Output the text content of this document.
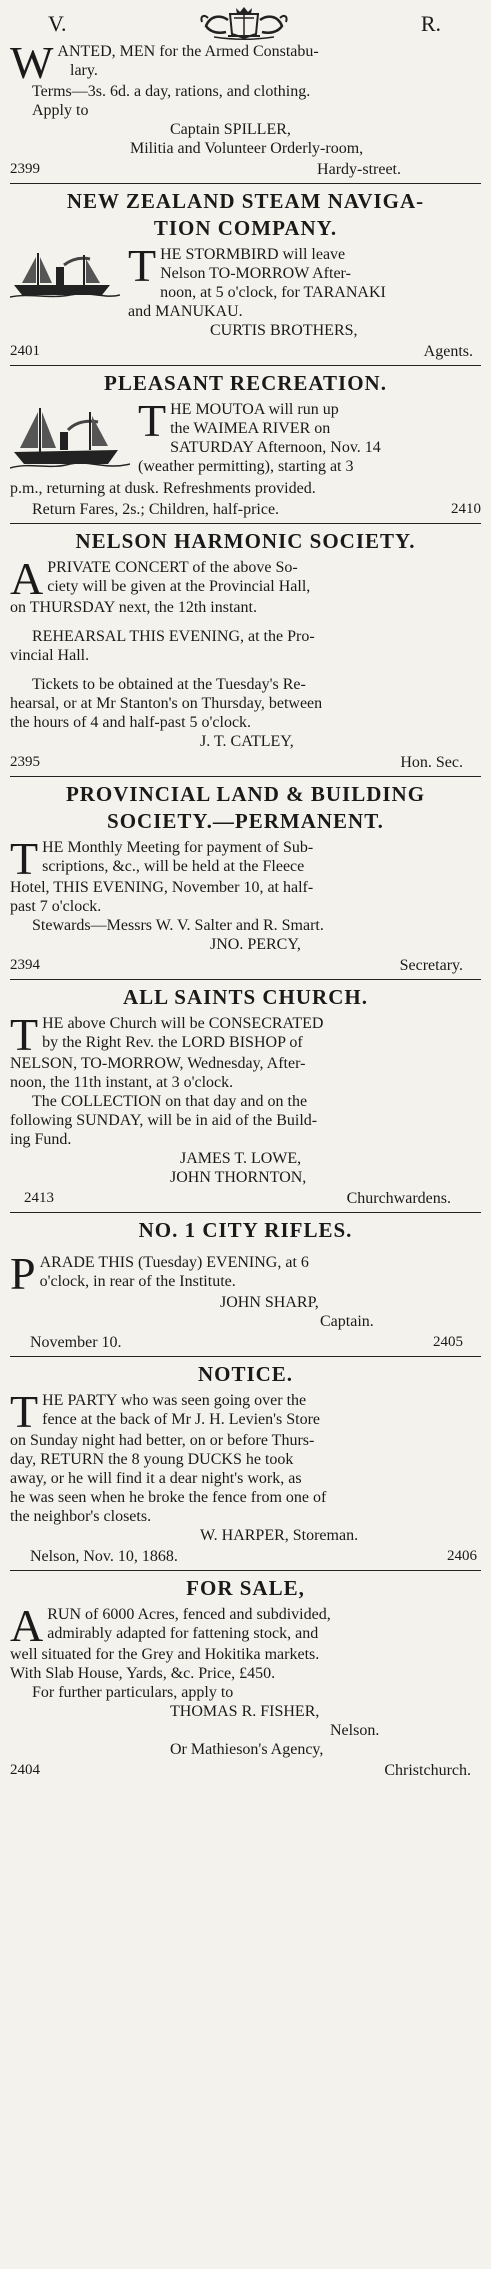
V.	R.

W ANTED, MEN for the Armed Constabu-

lary.

Terms—3s. 6d. a day, rations, and clothing.

Apply to

Captain SPILLER,

Militia and Volunteer Orderly-room,

2399	Hardy-street.
NEW ZEALAND STEAM NAVIGA-
TION COMPANY.

T HE STORMBIRD will leave
Nelson TO-MORROW After-
noon, at 5 o'clock, for TARANAKI
and MANUKAU.

CURTIS BROTHERS,

2401	Agents.
PLEASANT RECREATION.

T HE MOUTOA will run up
the WAIMEA RIVER on
SATURDAY Afternoon, Nov. 14
(weather permitting), starting at 3

p.m., returning at dusk. Refreshments provided.

Return Fares, 2s.; Children, half-price.	2410
NELSON HARMONIC SOCIETY.

A PRIVATE CONCERT of the above So-
ciety will be given at the Provincial Hall,

on THURSDAY next, the 12th instant.

REHEARSAL THIS EVENING, at the Pro-

vincial Hall.

Tickets to be obtained at the Tuesday's Re-

hearsal, or at Mr Stanton's on Thursday, between

the hours of 4 and half-past 5 o'clock.

J. T. CATLEY,

2395	Hon. Sec.
PROVINCIAL LAND & BUILDING
SOCIETY.—PERMANENT.

T HE Monthly Meeting for payment of Sub-
scriptions, &c., will be held at the Fleece

Hotel, THIS EVENING, November 10, at half-

past 7 o'clock.

Stewards—Messrs W. V. Salter and R. Smart.

JNO. PERCY,

2394	Secretary.
ALL SAINTS CHURCH.

T HE above Church will be CONSECRATED
by the Right Rev. the LORD BISHOP of

NELSON, TO-MORROW, Wednesday, After-

noon, the 11th instant, at 3 o'clock.

The COLLECTION on that day and on the

following SUNDAY, will be in aid of the Build-

ing Fund.

JAMES T. LOWE,

JOHN THORNTON,

2413	Churchwardens.
NO. 1 CITY RIFLES.

P ARADE THIS (Tuesday) EVENING, at 6
o'clock, in rear of the Institute.

JOHN SHARP,

Captain.

November 10.	2405
NOTICE.

T HE PARTY who was seen going over the
fence at the back of Mr J. H. Levien's Store

on Sunday night had better, on or before Thurs-

day, RETURN the 8 young DUCKS he took

away, or he will find it a dear night's work, as

he was seen when he broke the fence from one of

the neighbor's closets.

W. HARPER, Storeman.

Nelson, Nov. 10, 1868.	2406
FOR SALE,

A RUN of 6000 Acres, fenced and subdivided,
admirably adapted for fattening stock, and

well situated for the Grey and Hokitika markets.

With Slab House, Yards, &c. Price, £450.

For further particulars, apply to

THOMAS R. FISHER,

Nelson.

Or Mathieson's Agency,

2404	Christchurch.
